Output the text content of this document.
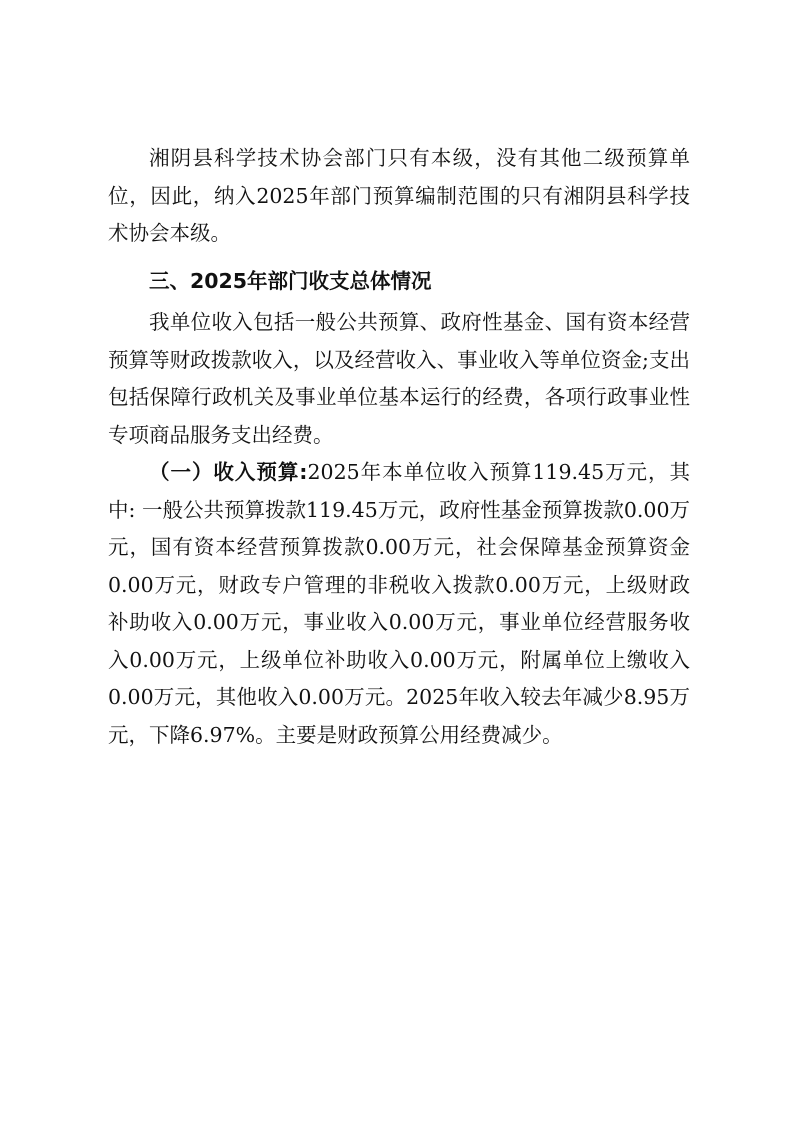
湘阴县科学技术协会部门只有本级，没有其他二级预算单位，因此，纳入2025年部门预算编制范围的只有湘阴县科学技术协会本级。

三、2025年部门收支总体情况

我单位收入包括一般公共预算、政府性基金、国有资本经营预算等财政拨款收入，以及经营收入、事业收入等单位资金;支出包括保障行政机关及事业单位基本运行的经费，各项行政事业性专项商品服务支出经费。

（一）收入预算:2025年本单位收入预算119.45万元，其中: 一般公共预算拨款119.45万元，政府性基金预算拨款0.00万元，国有资本经营预算拨款0.00万元，社会保障基金预算资金0.00万元，财政专户管理的非税收入拨款0.00万元，上级财政补助收入0.00万元，事业收入0.00万元，事业单位经营服务收入0.00万元，上级单位补助收入0.00万元，附属单位上缴收入0.00万元，其他收入0.00万元。2025年收入较去年减少8.95万元，下降6.97%。主要是财政预算公用经费减少。
